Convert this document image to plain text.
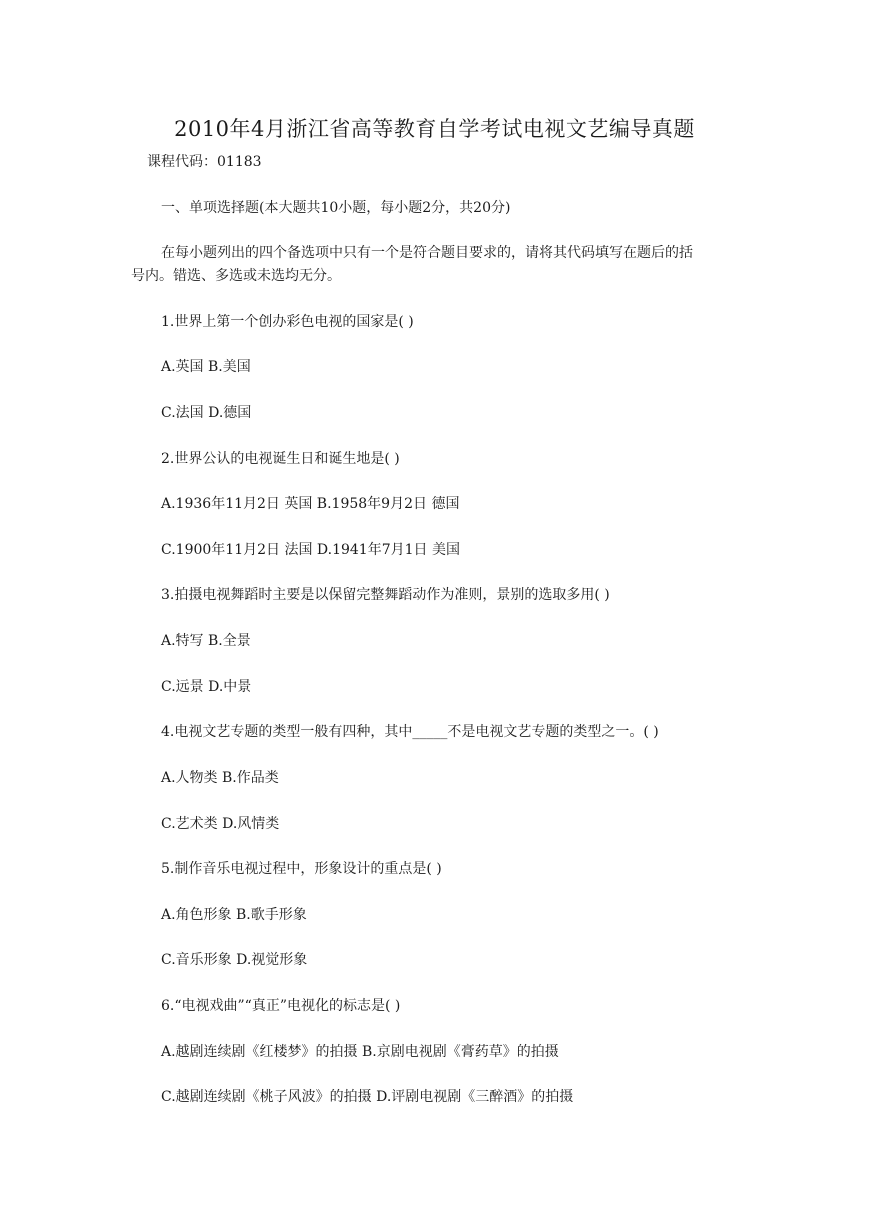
2010年4月浙江省高等教育自学考试电视文艺编导真题
课程代码：01183
一、单项选择题(本大题共10小题，每小题2分，共20分)
在每小题列出的四个备选项中只有一个是符合题目要求的，请将其代码填写在题后的括
号内。错选、多选或未选均无分。
1.世界上第一个创办彩色电视的国家是( )
A.英国 B.美国
C.法国 D.德国
2.世界公认的电视诞生日和诞生地是( )
A.1936年11月2日 英国 B.1958年9月2日 德国
C.1900年11月2日 法国 D.1941年7月1日 美国
3.拍摄电视舞蹈时主要是以保留完整舞蹈动作为准则，景别的选取多用( )
A.特写 B.全景
C.远景 D.中景
4.电视文艺专题的类型一般有四种，其中_____不是电视文艺专题的类型之一。( )
A.人物类 B.作品类
C.艺术类 D.风情类
5.制作音乐电视过程中，形象设计的重点是( )
A.角色形象 B.歌手形象
C.音乐形象 D.视觉形象
6.“电视戏曲”“真正”电视化的标志是( )
A.越剧连续剧《红楼梦》的拍摄 B.京剧电视剧《膏药草》的拍摄
C.越剧连续剧《桃子风波》的拍摄 D.评剧电视剧《三醉酒》的拍摄
